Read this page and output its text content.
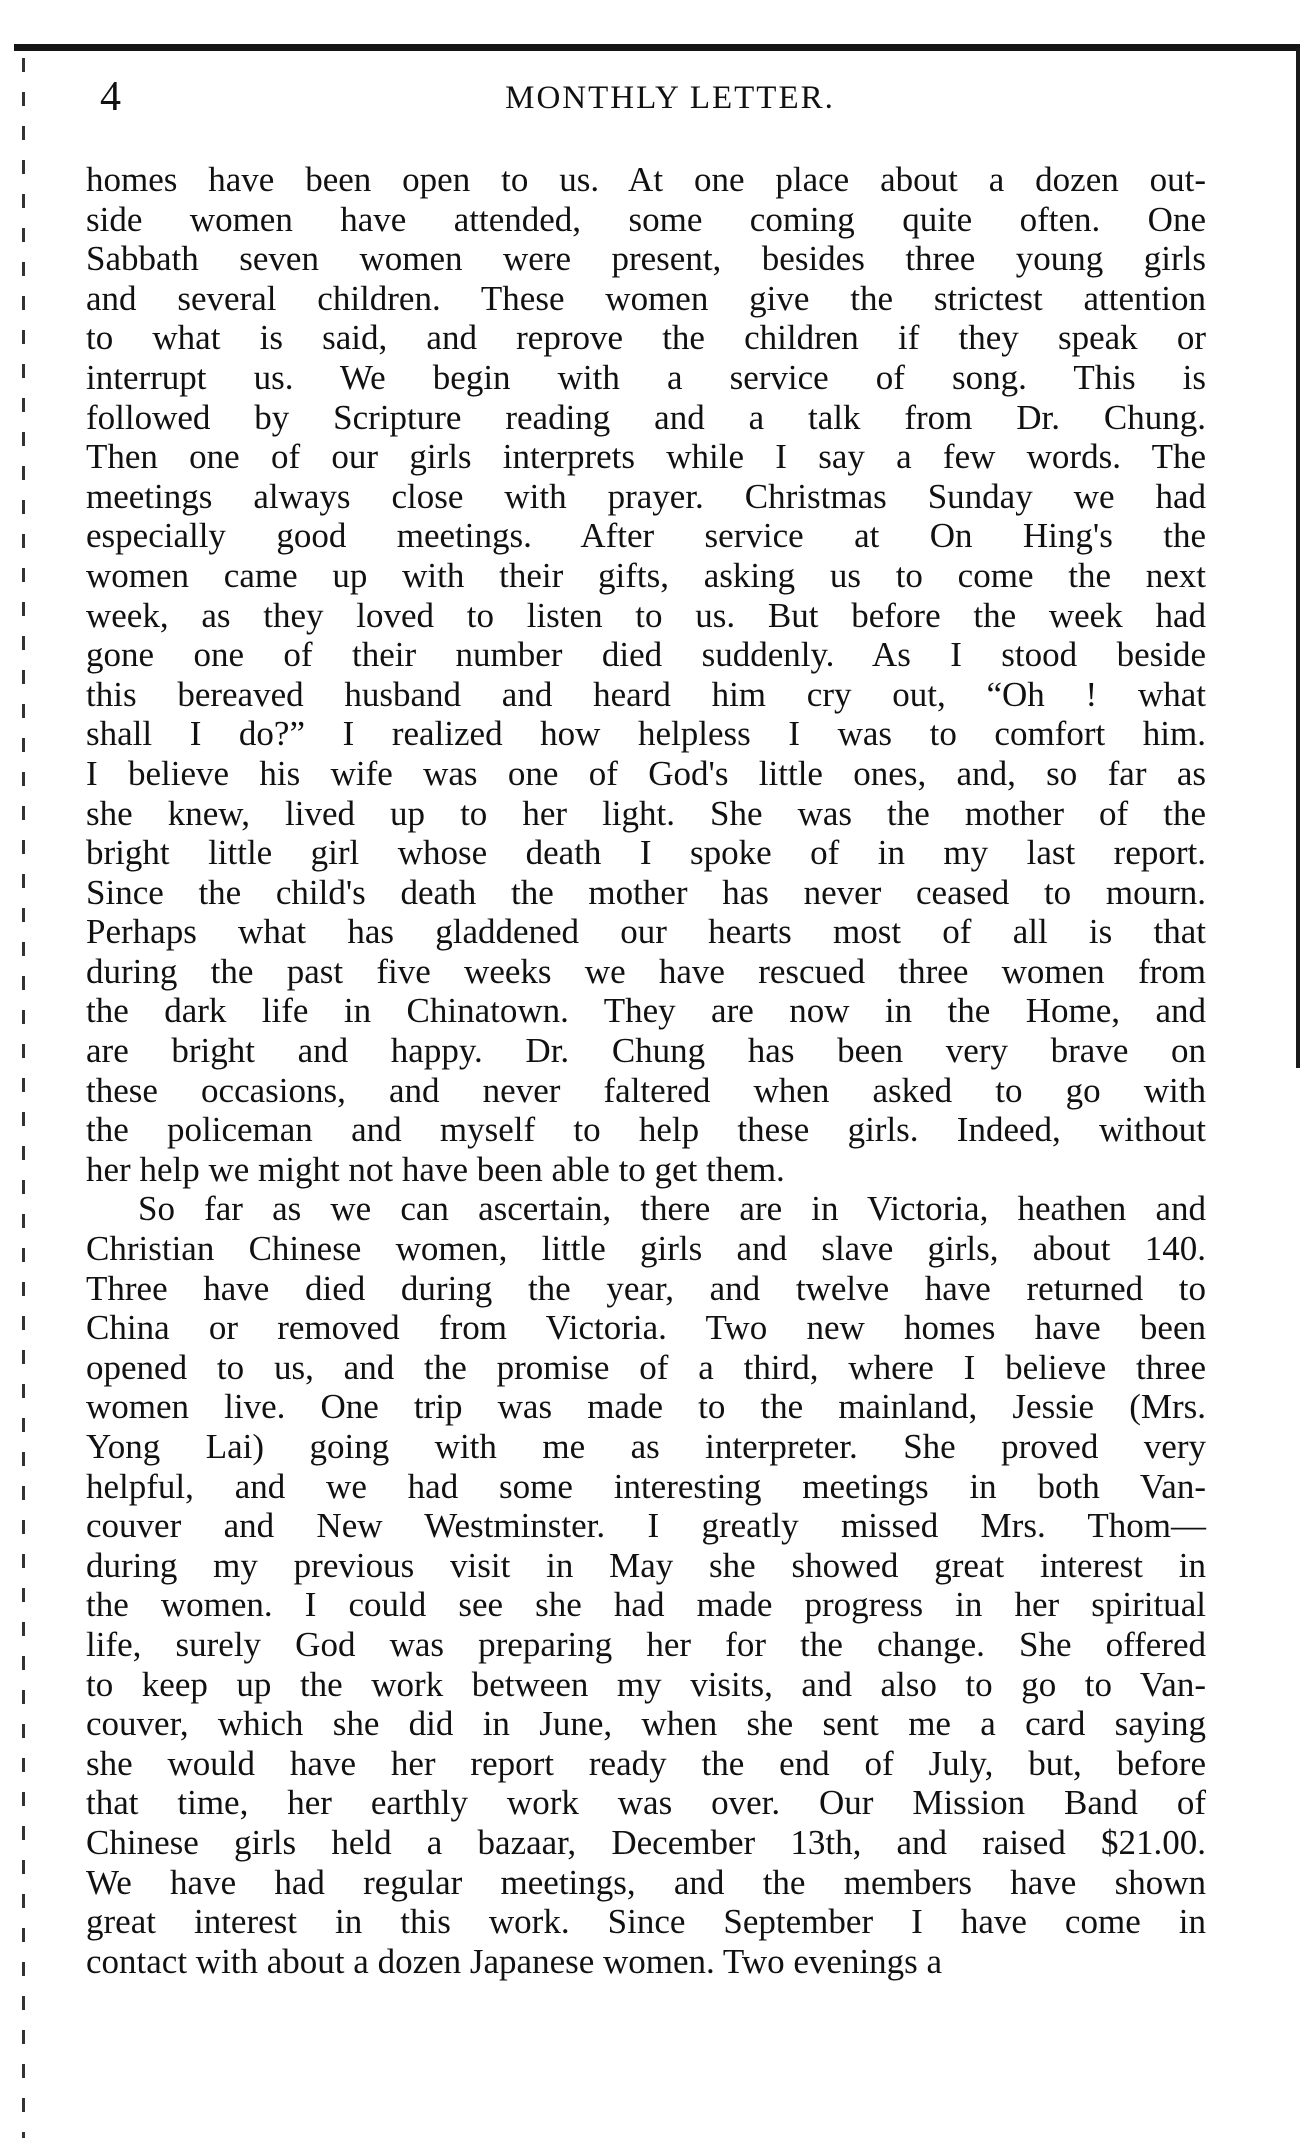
4	MONTHLY LETTER.
homes have been open to us. At one place about a dozen out-
side women have attended, some coming quite often. One
Sabbath seven women were present, besides three young girls
and several children. These women give the strictest attention
to what is said, and reprove the children if they speak or
interrupt us. We begin with a service of song. This is
followed by Scripture reading and a talk from Dr. Chung.
Then one of our girls interprets while I say a few words. The
meetings always close with prayer. Christmas Sunday we had
especially good meetings. After service at On Hing's the
women came up with their gifts, asking us to come the next
week, as they loved to listen to us. But before the week had
gone one of their number died suddenly. As I stood beside
this bereaved husband and heard him cry out, “Oh ! what
shall I do?” I realized how helpless I was to comfort him.
I believe his wife was one of God's little ones, and, so far as
she knew, lived up to her light. She was the mother of the
bright little girl whose death I spoke of in my last report.
Since the child's death the mother has never ceased to mourn.
Perhaps what has gladdened our hearts most of all is that
during the past five weeks we have rescued three women from
the dark life in Chinatown. They are now in the Home, and
are bright and happy. Dr. Chung has been very brave on
these occasions, and never faltered when asked to go with
the policeman and myself to help these girls. Indeed, without
her help we might not have been able to get them.
So far as we can ascertain, there are in Victoria, heathen and
Christian Chinese women, little girls and slave girls, about 140.
Three have died during the year, and twelve have returned to
China or removed from Victoria. Two new homes have been
opened to us, and the promise of a third, where I believe three
women live. One trip was made to the mainland, Jessie (Mrs.
Yong Lai) going with me as interpreter. She proved very
helpful, and we had some interesting meetings in both Van-
couver and New Westminster. I greatly missed Mrs. Thom—
during my previous visit in May she showed great interest in
the women. I could see she had made progress in her spiritual
life, surely God was preparing her for the change. She offered
to keep up the work between my visits, and also to go to Van-
couver, which she did in June, when she sent me a card saying
she would have her report ready the end of July, but, before
that time, her earthly work was over. Our Mission Band of
Chinese girls held a bazaar, December 13th, and raised $21.00.
We have had regular meetings, and the members have shown
great interest in this work. Since September I have come in
contact with about a dozen Japanese women. Two evenings a
